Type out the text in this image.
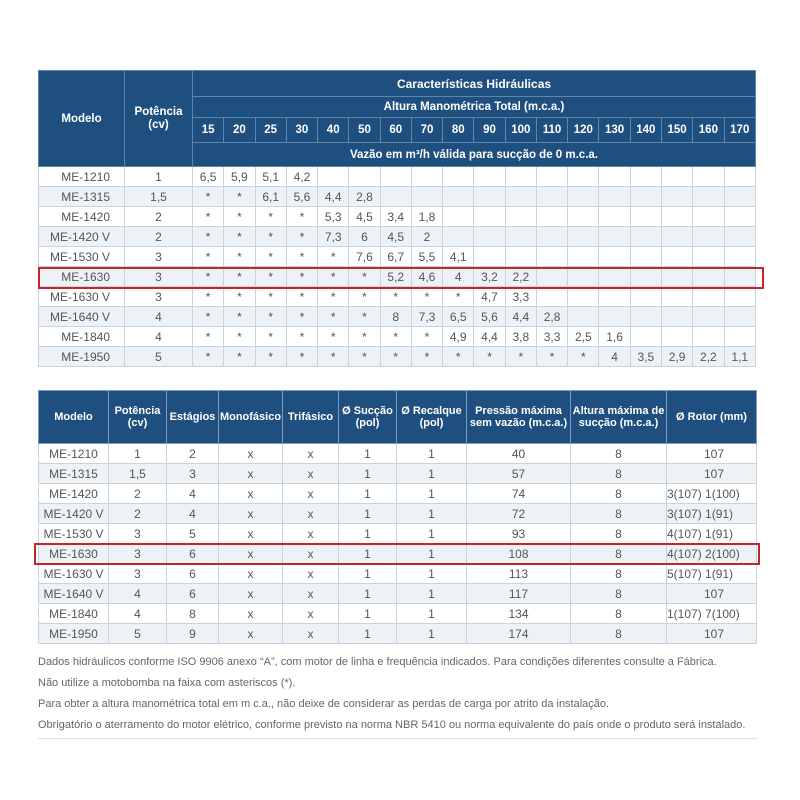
Modelo	Potência (cv)	Características Hidráulicas																	
		Altura Manométrica Total (m.c.a.)																	
		15	20	25	30	40	50	60	70	80	90	100	110	120	130	140	150	160	170
		Vazão em m³/h válida para sucção de 0 m.c.a.																	
ME-1210	1	6,5	5,9	5,1	4,2														
ME-1315	1,5	*	*	6,1	5,6	4,4	2,8												
ME-1420	2	*	*	*	*	5,3	4,5	3,4	1,8										
ME-1420 V	2	*	*	*	*	7,3	6	4,5	2										
ME-1530 V	3	*	*	*	*	*	7,6	6,7	5,5	4,1									
ME-1630	3	*	*	*	*	*	*	5,2	4,6	4	3,2	2,2							
ME-1630 V	3	*	*	*	*	*	*	*	*	*	4,7	3,3							
ME-1640 V	4	*	*	*	*	*	*	8	7,3	6,5	5,6	4,4	2,8						
ME-1840	4	*	*	*	*	*	*	*	*	4,9	4,4	3,8	3,3	2,5	1,6				
ME-1950	5	*	*	*	*	*	*	*	*	*	*	*	*	*	4	3,5	2,9	2,2	1,1
Modelo	Potência (cv)	Estágios	Monofásico	Trifásico	Ø Sucção (pol)	Ø Recalque (pol)	Pressão máxima sem vazão (m.c.a.)	Altura máxima de sucção (m.c.a.)	Ø Rotor (mm)
ME-1210	1	2	x	x	1	1	40	8	107
ME-1315	1,5	3	x	x	1	1	57	8	107
ME-1420	2	4	x	x	1	1	74	8	3(107) 1(100)
ME-1420 V	2	4	x	x	1	1	72	8	3(107) 1(91)
ME-1530 V	3	5	x	x	1	1	93	8	4(107) 1(91)
ME-1630	3	6	x	x	1	1	108	8	4(107) 2(100)
ME-1630 V	3	6	x	x	1	1	113	8	5(107) 1(91)
ME-1640 V	4	6	x	x	1	1	117	8	107
ME-1840	4	8	x	x	1	1	134	8	1(107) 7(100)
ME-1950	5	9	x	x	1	1	174	8	107
Dados hidráulicos conforme ISO 9906 anexo “A”, com motor de linha e frequência indicados. Para condições diferentes consulte a Fábrica.
Não utilize a motobomba na faixa com asteriscos (*).
Para obter a altura manométrica total em m c.a., não deixe de considerar as perdas de carga por atrito da instalação.
Obrigatório o aterramento do motor elétrico, conforme previsto na norma NBR 5410 ou norma equivalente do país onde o produto será instalado.
